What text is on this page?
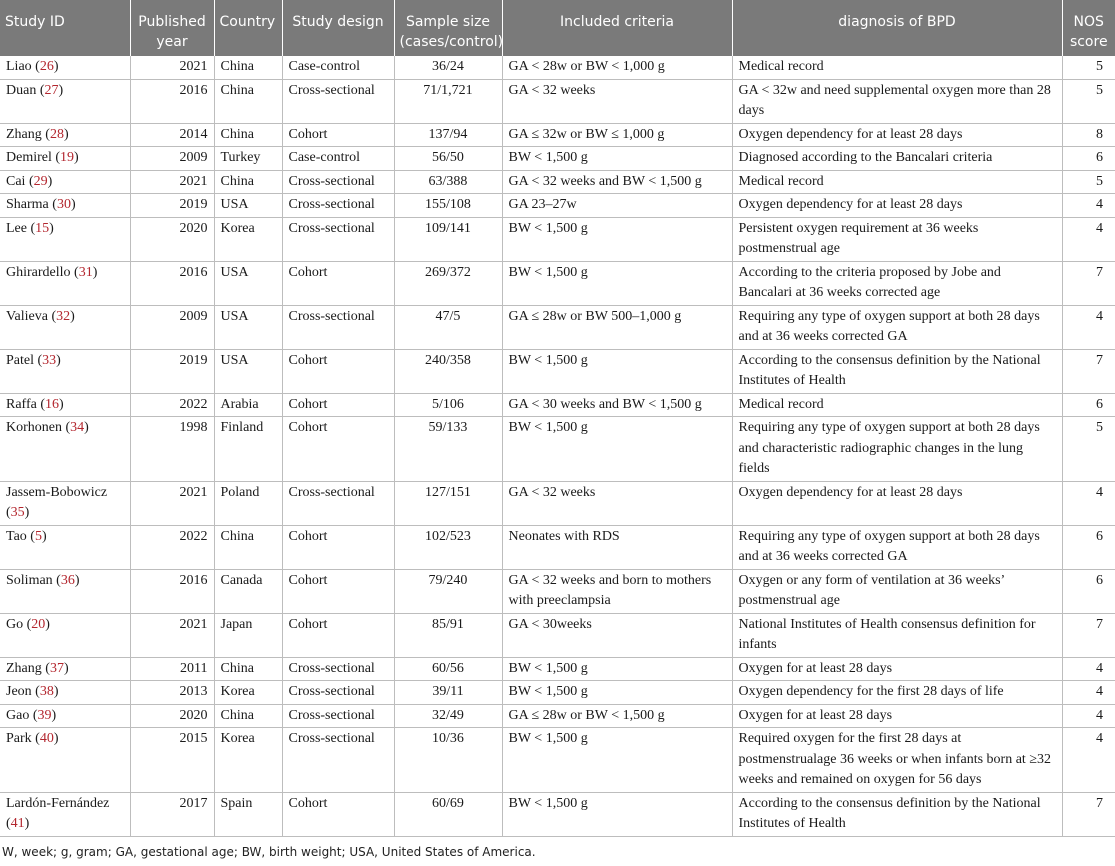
Study ID	Published year	Country	Study design	Sample size (cases/control)	Included criteria	diagnosis of BPD	NOS score
Liao (26)	2021	China	Case-control	36/24	GA < 28w or BW < 1,000 g	Medical record	5
Duan (27)	2016	China	Cross-sectional	71/1,721	GA < 32 weeks	GA < 32w and need supplemental oxygen more than 28 days	5
Zhang (28)	2014	China	Cohort	137/94	GA ≤ 32w or BW ≤ 1,000 g	Oxygen dependency for at least 28 days	8
Demirel (19)	2009	Turkey	Case-control	56/50	BW < 1,500 g	Diagnosed according to the Bancalari criteria	6
Cai (29)	2021	China	Cross-sectional	63/388	GA < 32 weeks and BW < 1,500 g	Medical record	5
Sharma (30)	2019	USA	Cross-sectional	155/108	GA 23–27w	Oxygen dependency for at least 28 days	4
Lee (15)	2020	Korea	Cross-sectional	109/141	BW < 1,500 g	Persistent oxygen requirement at 36 weeks postmenstrual age	4
Ghirardello (31)	2016	USA	Cohort	269/372	BW < 1,500 g	According to the criteria proposed by Jobe and Bancalari at 36 weeks corrected age	7
Valieva (32)	2009	USA	Cross-sectional	47/5	GA ≤ 28w or BW 500–1,000 g	Requiring any type of oxygen support at both 28 days and at 36 weeks corrected GA	4
Patel (33)	2019	USA	Cohort	240/358	BW < 1,500 g	According to the consensus definition by the National Institutes of Health	7
Raffa (16)	2022	Arabia	Cohort	5/106	GA < 30 weeks and BW < 1,500 g	Medical record	6
Korhonen (34)	1998	Finland	Cohort	59/133	BW < 1,500 g	Requiring any type of oxygen support at both 28 days and characteristic radiographic changes in the lung fields	5
Jassem-Bobowicz (35)	2021	Poland	Cross-sectional	127/151	GA < 32 weeks	Oxygen dependency for at least 28 days	4
Tao (5)	2022	China	Cohort	102/523	Neonates with RDS	Requiring any type of oxygen support at both 28 days and at 36 weeks corrected GA	6
Soliman (36)	2016	Canada	Cohort	79/240	GA < 32 weeks and born to mothers with preeclampsia	Oxygen or any form of ventilation at 36 weeks’ postmenstrual age	6
Go (20)	2021	Japan	Cohort	85/91	GA < 30weeks	National Institutes of Health consensus definition for infants	7
Zhang (37)	2011	China	Cross-sectional	60/56	BW < 1,500 g	Oxygen for at least 28 days	4
Jeon (38)	2013	Korea	Cross-sectional	39/11	BW < 1,500 g	Oxygen dependency for the first 28 days of life	4
Gao (39)	2020	China	Cross-sectional	32/49	GA ≤ 28w or BW < 1,500 g	Oxygen for at least 28 days	4
Park (40)	2015	Korea	Cross-sectional	10/36	BW < 1,500 g	Required oxygen for the first 28 days at postmenstrualage 36 weeks or when infants born at ≥32 weeks and remained on oxygen for 56 days	4
Lardón-Fernández (41)	2017	Spain	Cohort	60/69	BW < 1,500 g	According to the consensus definition by the National Institutes of Health	7
W, week; g, gram; GA, gestational age; BW, birth weight; USA, United States of America.
